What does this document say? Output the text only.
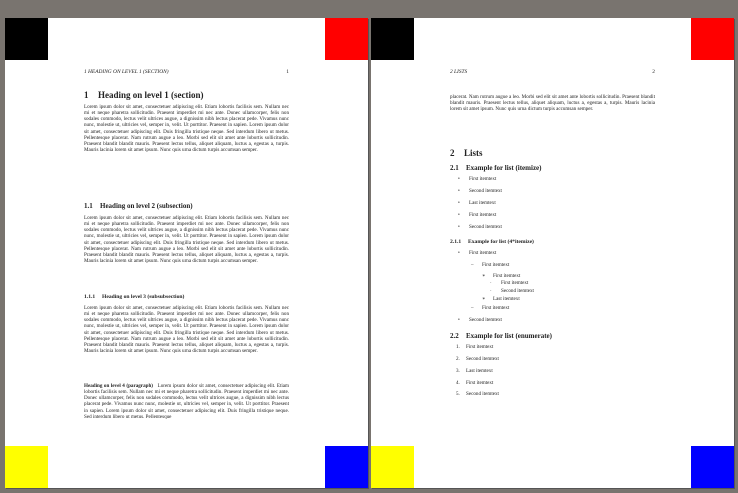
1 HEADING ON LEVEL 1 (SECTION)	1
1 Heading on level 1 (section)
Lorem ipsum dolor sit amet, consectetuer adipiscing elit. Etiam lobortis facilisis sem. Nullam nec mi et neque pharetra sollicitudin. Praesent imperdiet mi nec ante. Donec ullamcorper, felis non sodales commodo, lectus velit ultrices augue, a dignissim nibh lectus placerat pede. Vivamus nunc nunc, molestie ut, ultricies vel, semper in, velit. Ut porttitor. Praesent in sapien. Lorem ipsum dolor sit amet, consectetuer adipiscing elit. Duis fringilla tristique neque. Sed interdum libero ut metus. Pellentesque placerat. Nam rutrum augue a leo. Morbi sed elit sit amet ante lobortis sollicitudin. Praesent blandit blandit mauris. Praesent lectus tellus, aliquet aliquam, luctus a, egestas a, turpis. Mauris lacinia lorem sit amet ipsum. Nunc quis urna dictum turpis accumsan semper.
1.1 Heading on level 2 (subsection)
Lorem ipsum dolor sit amet, consectetuer adipiscing elit. Etiam lobortis facilisis sem. Nullam nec mi et neque pharetra sollicitudin. Praesent imperdiet mi nec ante. Donec ullamcorper, felis non sodales commodo, lectus velit ultrices augue, a dignissim nibh lectus placerat pede. Vivamus nunc nunc, molestie ut, ultricies vel, semper in, velit. Ut porttitor. Praesent in sapien. Lorem ipsum dolor sit amet, consectetuer adipiscing elit. Duis fringilla tristique neque. Sed interdum libero ut metus. Pellentesque placerat. Nam rutrum augue a leo. Morbi sed elit sit amet ante lobortis sollicitudin. Praesent blandit blandit mauris. Praesent lectus tellus, aliquet aliquam, luctus a, egestas a, turpis. Mauris lacinia lorem sit amet ipsum. Nunc quis urna dictum turpis accumsan semper.
1.1.1 Heading on level 3 (subsubsection)
Lorem ipsum dolor sit amet, consectetuer adipiscing elit. Etiam lobortis facilisis sem. Nullam nec mi et neque pharetra sollicitudin. Praesent imperdiet mi nec ante. Donec ullamcorper, felis non sodales commodo, lectus velit ultrices augue, a dignissim nibh lectus placerat pede. Vivamus nunc nunc, molestie ut, ultricies vel, semper in, velit. Ut porttitor. Praesent in sapien. Lorem ipsum dolor sit amet, consectetuer adipiscing elit. Duis fringilla tristique neque. Sed interdum libero ut metus. Pellentesque placerat. Nam rutrum augue a leo. Morbi sed elit sit amet ante lobortis sollicitudin. Praesent blandit blandit mauris. Praesent lectus tellus, aliquet aliquam, luctus a, egestas a, turpis. Mauris lacinia lorem sit amet ipsum. Nunc quis urna dictum turpis accumsan semper.
Heading on level 4 (paragraph) Lorem ipsum dolor sit amet, consectetuer adipiscing elit. Etiam lobortis facilisis sem. Nullam nec mi et neque pharetra sollicitudin. Praesent imperdiet mi nec ante. Donec ullamcorper, felis non sodales commodo, lectus velit ultrices augue, a dignissim nibh lectus placerat pede. Vivamus nunc nunc, molestie ut, ultricies vel, semper in, velit. Ut porttitor. Praesent in sapien. Lorem ipsum dolor sit amet, consectetuer adipiscing elit. Duis fringilla tristique neque. Sed interdum libero ut metus. Pellentesque
2 LISTS	2
placerat. Nam rutrum augue a leo. Morbi sed elit sit amet ante lobortis sollicitudin. Praesent blandit blandit mauris. Praesent lectus tellus, aliquet aliquam, luctus a, egestas a, turpis. Mauris lacinia lorem sit amet ipsum. Nunc quis urna dictum turpis accumsan semper.
2 Lists
2.1 Example for list (itemize)
• First itemtext
• Second itemtext
• Last itemtext
• First itemtext
• Second itemtext
2.1.1 Example for list (4*itemize)
• First itemtext
– First itemtext
∗ First itemtext
· First itemtext
· Second itemtext
∗ Last itemtext
– First itemtext
• Second itemtext
2.2 Example for list (enumerate)
1. First itemtext
2. Second itemtext
3. Last itemtext
4. First itemtext
5. Second itemtext
